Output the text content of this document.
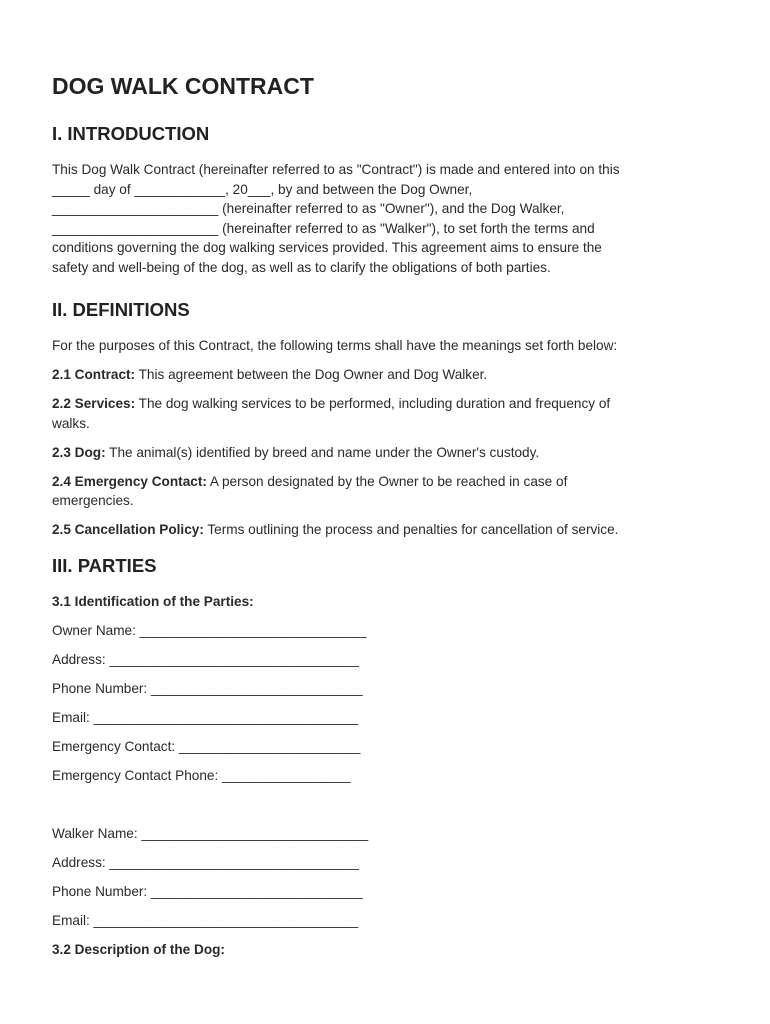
DOG WALK CONTRACT
I. INTRODUCTION

This Dog Walk Contract (hereinafter referred to as "Contract") is made and entered into on this
_____ day of ____________, 20___, by and between the Dog Owner,
______________________ (hereinafter referred to as "Owner"), and the Dog Walker,
______________________ (hereinafter referred to as "Walker"), to set forth the terms and
conditions governing the dog walking services provided. This agreement aims to ensure the
safety and well-being of the dog, as well as to clarify the obligations of both parties.

II. DEFINITIONS

For the purposes of this Contract, the following terms shall have the meanings set forth below:

2.1 Contract: This agreement between the Dog Owner and Dog Walker.

2.2 Services: The dog walking services to be performed, including duration and frequency of
walks.

2.3 Dog: The animal(s) identified by breed and name under the Owner's custody.

2.4 Emergency Contact: A person designated by the Owner to be reached in case of
emergencies.

2.5 Cancellation Policy: Terms outlining the process and penalties for cancellation of service.

III. PARTIES

3.1 Identification of the Parties:

Owner Name: ______________________________

Address: _________________________________

Phone Number: ____________________________

Email: ___________________________________

Emergency Contact: ________________________

Emergency Contact Phone: _________________

Walker Name: ______________________________

Address: _________________________________

Phone Number: ____________________________

Email: ___________________________________

3.2 Description of the Dog:
